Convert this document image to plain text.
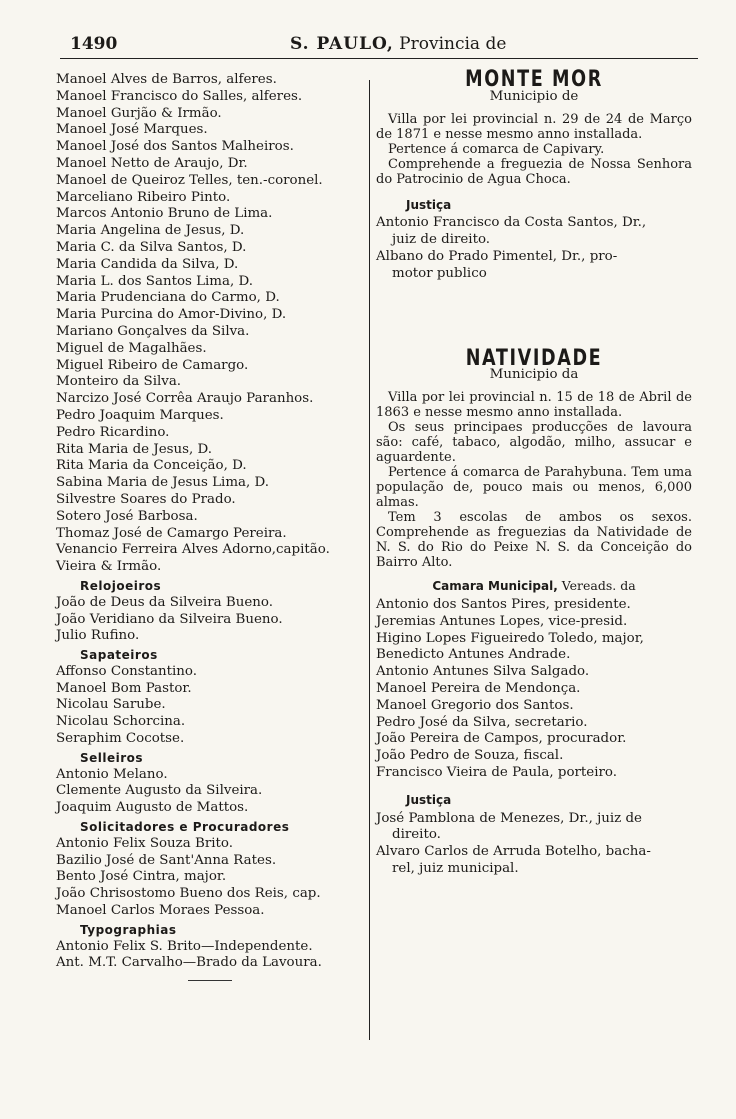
1490	S. PAULO, Provincia de
Manoel Alves de Barros, alferes.
Manoel Francisco do Salles, alferes.
Manoel Gurjão & Irmão.
Manoel José Marques.
Manoel José dos Santos Malheiros.
Manoel Netto de Araujo, Dr.
Manoel de Queiroz Telles, ten.-coronel.
Marceliano Ribeiro Pinto.
Marcos Antonio Bruno de Lima.
Maria Angelina de Jesus, D.
Maria C. da Silva Santos, D.
Maria Candida da Silva, D.
Maria L. dos Santos Lima, D.
Maria Prudenciana do Carmo, D.
Maria Purcina do Amor-Divino, D.
Mariano Gonçalves da Silva.
Miguel de Magalhães.
Miguel Ribeiro de Camargo.
Monteiro da Silva.
Narcizo José Corrêa Araujo Paranhos.
Pedro Joaquim Marques.
Pedro Ricardino.
Rita Maria de Jesus, D.
Rita Maria da Conceição, D.
Sabina Maria de Jesus Lima, D.
Silvestre Soares do Prado.
Sotero José Barbosa.
Thomaz José de Camargo Pereira.
Venancio Ferreira Alves Adorno,capitão.
Vieira & Irmão.
Relojoeiros
João de Deus da Silveira Bueno.
João Veridiano da Silveira Bueno.
Julio Rufino.
Sapateiros
Affonso Constantino.
Manoel Bom Pastor.
Nicolau Sarube.
Nicolau Schorcina.
Seraphim Cocotse.
Selleiros
Antonio Melano.
Clemente Augusto da Silveira.
Joaquim Augusto de Mattos.
Solicitadores e Procuradores
Antonio Felix Souza Brito.
Bazilio José de Sant'Anna Rates.
Bento José Cintra, major.
João Chrisostomo Bueno dos Reis, cap.
Manoel Carlos Moraes Pessoa.
Typographias
Antonio Felix S. Brito—Independente.
Ant. M.T. Carvalho—Brado da Lavoura.
MONTE MOR
Municipio de
Villa por lei provincial n. 29 de 24 de Março de 1871 e nesse mesmo anno installada.
Pertence á comarca de Capivary.
Comprehende a freguezia de Nossa Senhora do Patrocinio de Agua Choca.
Justiça
Antonio Francisco da Costa Santos, Dr.,
juiz de direito.
Albano do Prado Pimentel, Dr., pro-
motor publico
NATIVIDADE
Municipio da
Villa por lei provincial n. 15 de 18 de Abril de 1863 e nesse mesmo anno installada.
Os seus principaes producções de lavoura são: café, tabaco, algodão, milho, assucar e aguardente.
Pertence á comarca de Parahybuna. Tem uma população de, pouco mais ou menos, 6,000 almas.
Tem 3 escolas de ambos os sexos. Comprehende as freguezias da Natividade de N. S. do Rio do Peixe N. S. da Conceição do Bairro Alto.
Camara Municipal, Vereads. da
Antonio dos Santos Pires, presidente.
Jeremias Antunes Lopes, vice-presid.
Higino Lopes Figueiredo Toledo, major,
Benedicto Antunes Andrade.
Antonio Antunes Silva Salgado.
Manoel Pereira de Mendonça.
Manoel Gregorio dos Santos.
Pedro José da Silva, secretario.
João Pereira de Campos, procurador.
João Pedro de Souza, fiscal.
Francisco Vieira de Paula, porteiro.
Justiça
José Pamblona de Menezes, Dr., juiz de
direito.
Alvaro Carlos de Arruda Botelho, bacha-
rel, juiz municipal.
